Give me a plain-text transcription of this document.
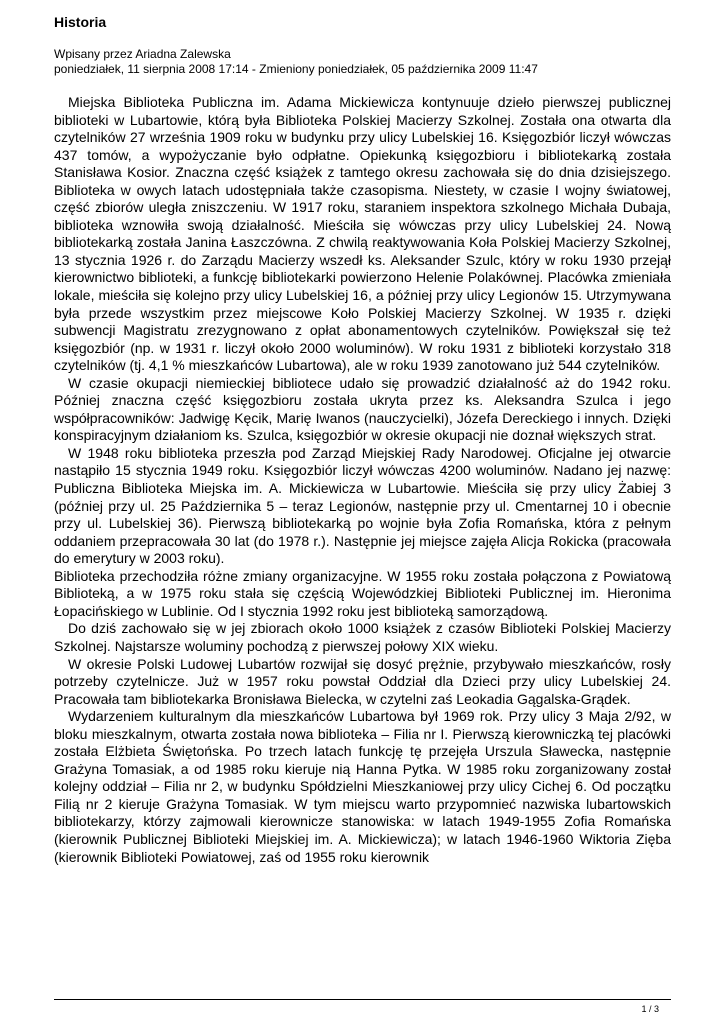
Historia
Wpisany przez Ariadna Zalewska
poniedziałek, 11 sierpnia 2008 17:14 - Zmieniony poniedziałek, 05 października 2009 11:47

Miejska Biblioteka Publiczna im. Adama Mickiewicza kontynuuje dzieło pierwszej publicznej biblioteki w Lubartowie, którą była Biblioteka Polskiej Macierzy Szkolnej. Została ona otwarta dla czytelników 27 września 1909 roku w budynku przy ulicy Lubelskiej 16. Księgozbiór liczył wówczas 437 tomów, a wypożyczanie było odpłatne. Opiekunką księgozbioru i bibliotekarką została Stanisława Kosior. Znaczna część książek z tamtego okresu zachowała się do dnia dzisiejszego. Biblioteka w owych latach udostępniała także czasopisma. Niestety, w czasie I wojny światowej, część zbiorów uległa zniszczeniu. W 1917 roku, staraniem inspektora szkolnego Michała Dubaja, biblioteka wznowiła swoją działalność. Mieściła się wówczas przy ulicy Lubelskiej 24. Nową bibliotekarką została Janina Łaszczówna. Z chwilą reaktywowania Koła Polskiej Macierzy Szkolnej, 13 stycznia 1926 r. do Zarządu Macierzy wszedł ks. Aleksander Szulc, który w roku 1930 przejął kierownictwo biblioteki, a funkcję bibliotekarki powierzono Helenie Polakównej. Placówka zmieniała lokale, mieściła się kolejno przy ulicy Lubelskiej 16, a później przy ulicy Legionów 15. Utrzymywana była przede wszystkim przez miejscowe Koło Polskiej Macierzy Szkolnej. W 1935 r. dzięki subwencji Magistratu zrezygnowano z opłat abonamentowych czytelników. Powiększał się też księgozbiór (np. w 1931 r. liczył około 2000 woluminów). W roku 1931 z biblioteki korzystało 318 czytelników (tj. 4,1 % mieszkańców Lubartowa), ale w roku 1939 zanotowano już 544 czytelników.

W czasie okupacji niemieckiej bibliotece udało się prowadzić działalność aż do 1942 roku. Później znaczna część księgozbioru została ukryta przez ks. Aleksandra Szulca i jego współpracowników: Jadwigę Kęcik, Marię Iwanos (nauczycielki), Józefa Dereckiego i innych. Dzięki konspiracyjnym działaniom ks. Szulca, księgozbiór w okresie okupacji nie doznał większych strat.

W 1948 roku biblioteka przeszła pod Zarząd Miejskiej Rady Narodowej. Oficjalne jej otwarcie nastąpiło 15 stycznia 1949 roku. Księgozbiór liczył wówczas 4200 woluminów. Nadano jej nazwę: Publiczna Biblioteka Miejska im. A. Mickiewicza w Lubartowie. Mieściła się przy ulicy Żabiej 3 (później przy ul. 25 Października 5 – teraz Legionów, następnie przy ul. Cmentarnej 10 i obecnie przy ul. Lubelskiej 36). Pierwszą bibliotekarką po wojnie była Zofia Romańska, która z pełnym oddaniem przepracowała 30 lat (do 1978 r.). Następnie jej miejsce zajęła Alicja Rokicka (pracowała do emerytury w 2003 roku).

Biblioteka przechodziła różne zmiany organizacyjne. W 1955 roku została połączona z Powiatową Biblioteką, a w 1975 roku stała się częścią Wojewódzkiej Biblioteki Publicznej im. Hieronima Łopacińskiego w Lublinie. Od I stycznia 1992 roku jest biblioteką samorządową.

Do dziś zachowało się w jej zbiorach około 1000 książek z czasów Biblioteki Polskiej Macierzy Szkolnej. Najstarsze woluminy pochodzą z pierwszej połowy XIX wieku.

W okresie Polski Ludowej Lubartów rozwijał się dosyć prężnie, przybywało mieszkańców, rosły potrzeby czytelnicze. Już w 1957 roku powstał Oddział dla Dzieci przy ulicy Lubelskiej 24. Pracowała tam bibliotekarka Bronisława Bielecka, w czytelni zaś Leokadia Gągalska-Grądek.

Wydarzeniem kulturalnym dla mieszkańców Lubartowa był 1969 rok. Przy ulicy 3 Maja 2/92, w bloku mieszkalnym, otwarta została nowa biblioteka – Filia nr I. Pierwszą kierowniczką tej placówki została Elżbieta Świętońska. Po trzech latach funkcję tę przejęła Urszula Sławecka, następnie Grażyna Tomasiak, a od 1985 roku kieruje nią Hanna Pytka. W 1985 roku zorganizowany został kolejny oddział – Filia nr 2, w budynku Spółdzielni Mieszkaniowej przy ulicy Cichej 6. Od początku Filią nr 2 kieruje Grażyna Tomasiak. W tym miejscu warto przypomnieć nazwiska lubartowskich bibliotekarzy, którzy zajmowali kierownicze stanowiska: w latach 1949-1955 Zofia Romańska (kierownik Publicznej Biblioteki Miejskiej im. A. Mickiewicza); w latach 1946-1960 Wiktoria Zięba (kierownik Biblioteki Powiatowej, zaś od 1955 roku kierownik

1 / 3
